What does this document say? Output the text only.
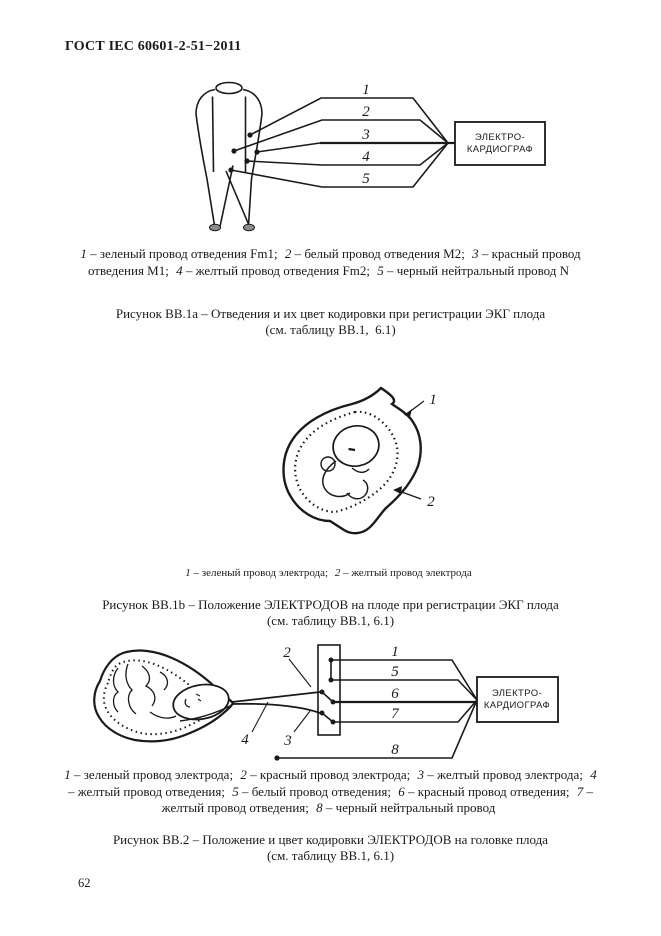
ГОСТ IEC 60601-2-51−2011
1
2
3
4
5
ЭЛЕКТРО-
КАРДИОГРАФ
1 – зеленый провод отведения Fm1; 2 – белый провод отведения М2; 3 – красный провод отведения М1; 4 – желтый провод отведения Fm2; 5 – черный нейтральный провод N
Рисунок ВВ.1а – Отведения и их цвет кодировки при регистрации ЭКГ плода
(см. таблицу ВВ.1,  6.1)
1
2
1 – зеленый провод электрода; 2 – желтый провод электрода
Рисунок ВВ.1b – Положение ЭЛЕКТРОДОВ на плоде при регистрации ЭКГ плода
(см. таблицу ВВ.1, 6.1)
1
2
3
4
5
6
7
8
ЭЛЕКТРО-
КАРДИОГРАФ
1 – зеленый провод электрода; 2 – красный провод электрода; 3 – желтый провод электрода; 4 – желтый провод отведения; 5 – белый провод отведения; 6 – красный провод отведения; 7 – желтый провод отведения; 8 – черный нейтральный провод
Рисунок ВВ.2 – Положение и цвет кодировки ЭЛЕКТРОДОВ на головке плода
(см. таблицу ВВ.1, 6.1)
62
